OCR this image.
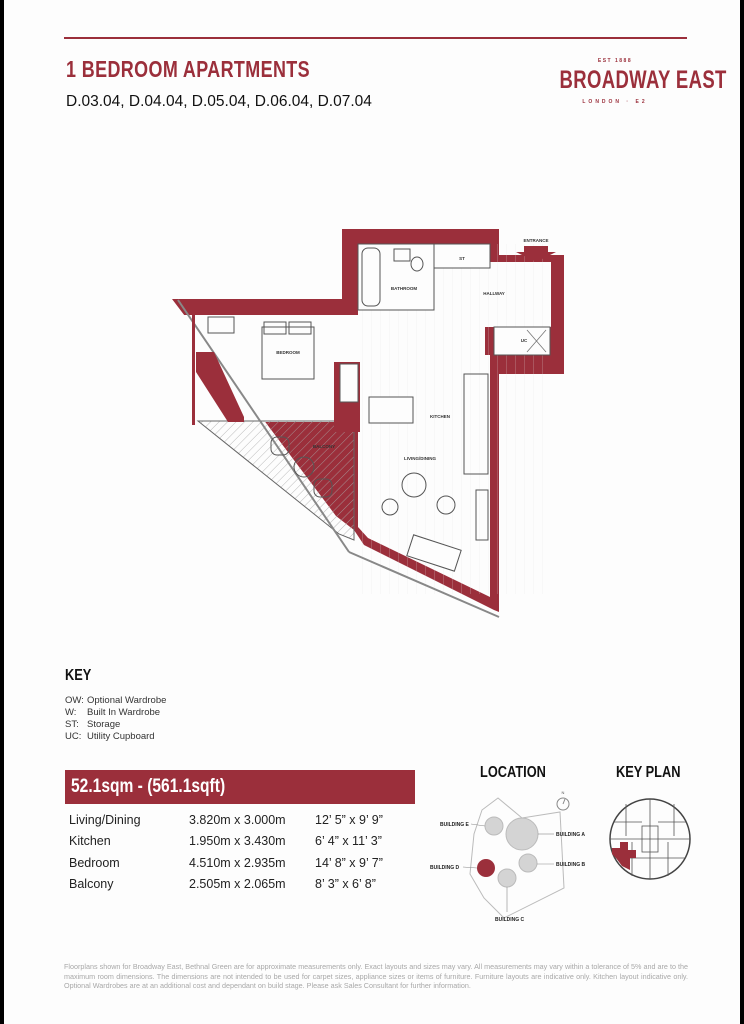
1 BEDROOM APARTMENTS
D.03.04, D.04.04, D.05.04, D.06.04, D.07.04
EST 1888
BROADWAY EAST
LONDON · E2
BATHROOM
ST
HALLWAY
ENTRANCE
UC
BEDROOM
KITCHEN
LIVING/DINING
BALCONY
KEY
OW: Optional Wardrobe
W:	Built In Wardrobe
ST: Storage
UC: Utility Cupboard
52.1sqm - (561.1sqft)
Living/Dining	3.820m x 3.000m	12’ 5” x 9’ 9”
Kitchen	1.950m x 3.430m	6’ 4” x 11’ 3”
Bedroom	4.510m x 2.935m	14’ 8” x 9’ 7”
Balcony	2.505m x 2.065m	8’ 3” x 6’ 8”
LOCATION
N
BUILDING E
BUILDING A
BUILDING D	BUILDING B
BUILDING C
KEY PLAN
Floorplans shown for Broadway East, Bethnal Green are for approximate measurements only. Exact layouts and sizes may vary. All measurements may vary within a tolerance of 5% and are to the maximum room dimensions. The dimensions are not intended to be used for carpet sizes, appliance sizes or items of furniture. Furniture layouts are indicative only. Kitchen layout indicative only. Optional Wardrobes are at an additional cost and dependant on build stage. Please ask Sales Consultant for further information.
